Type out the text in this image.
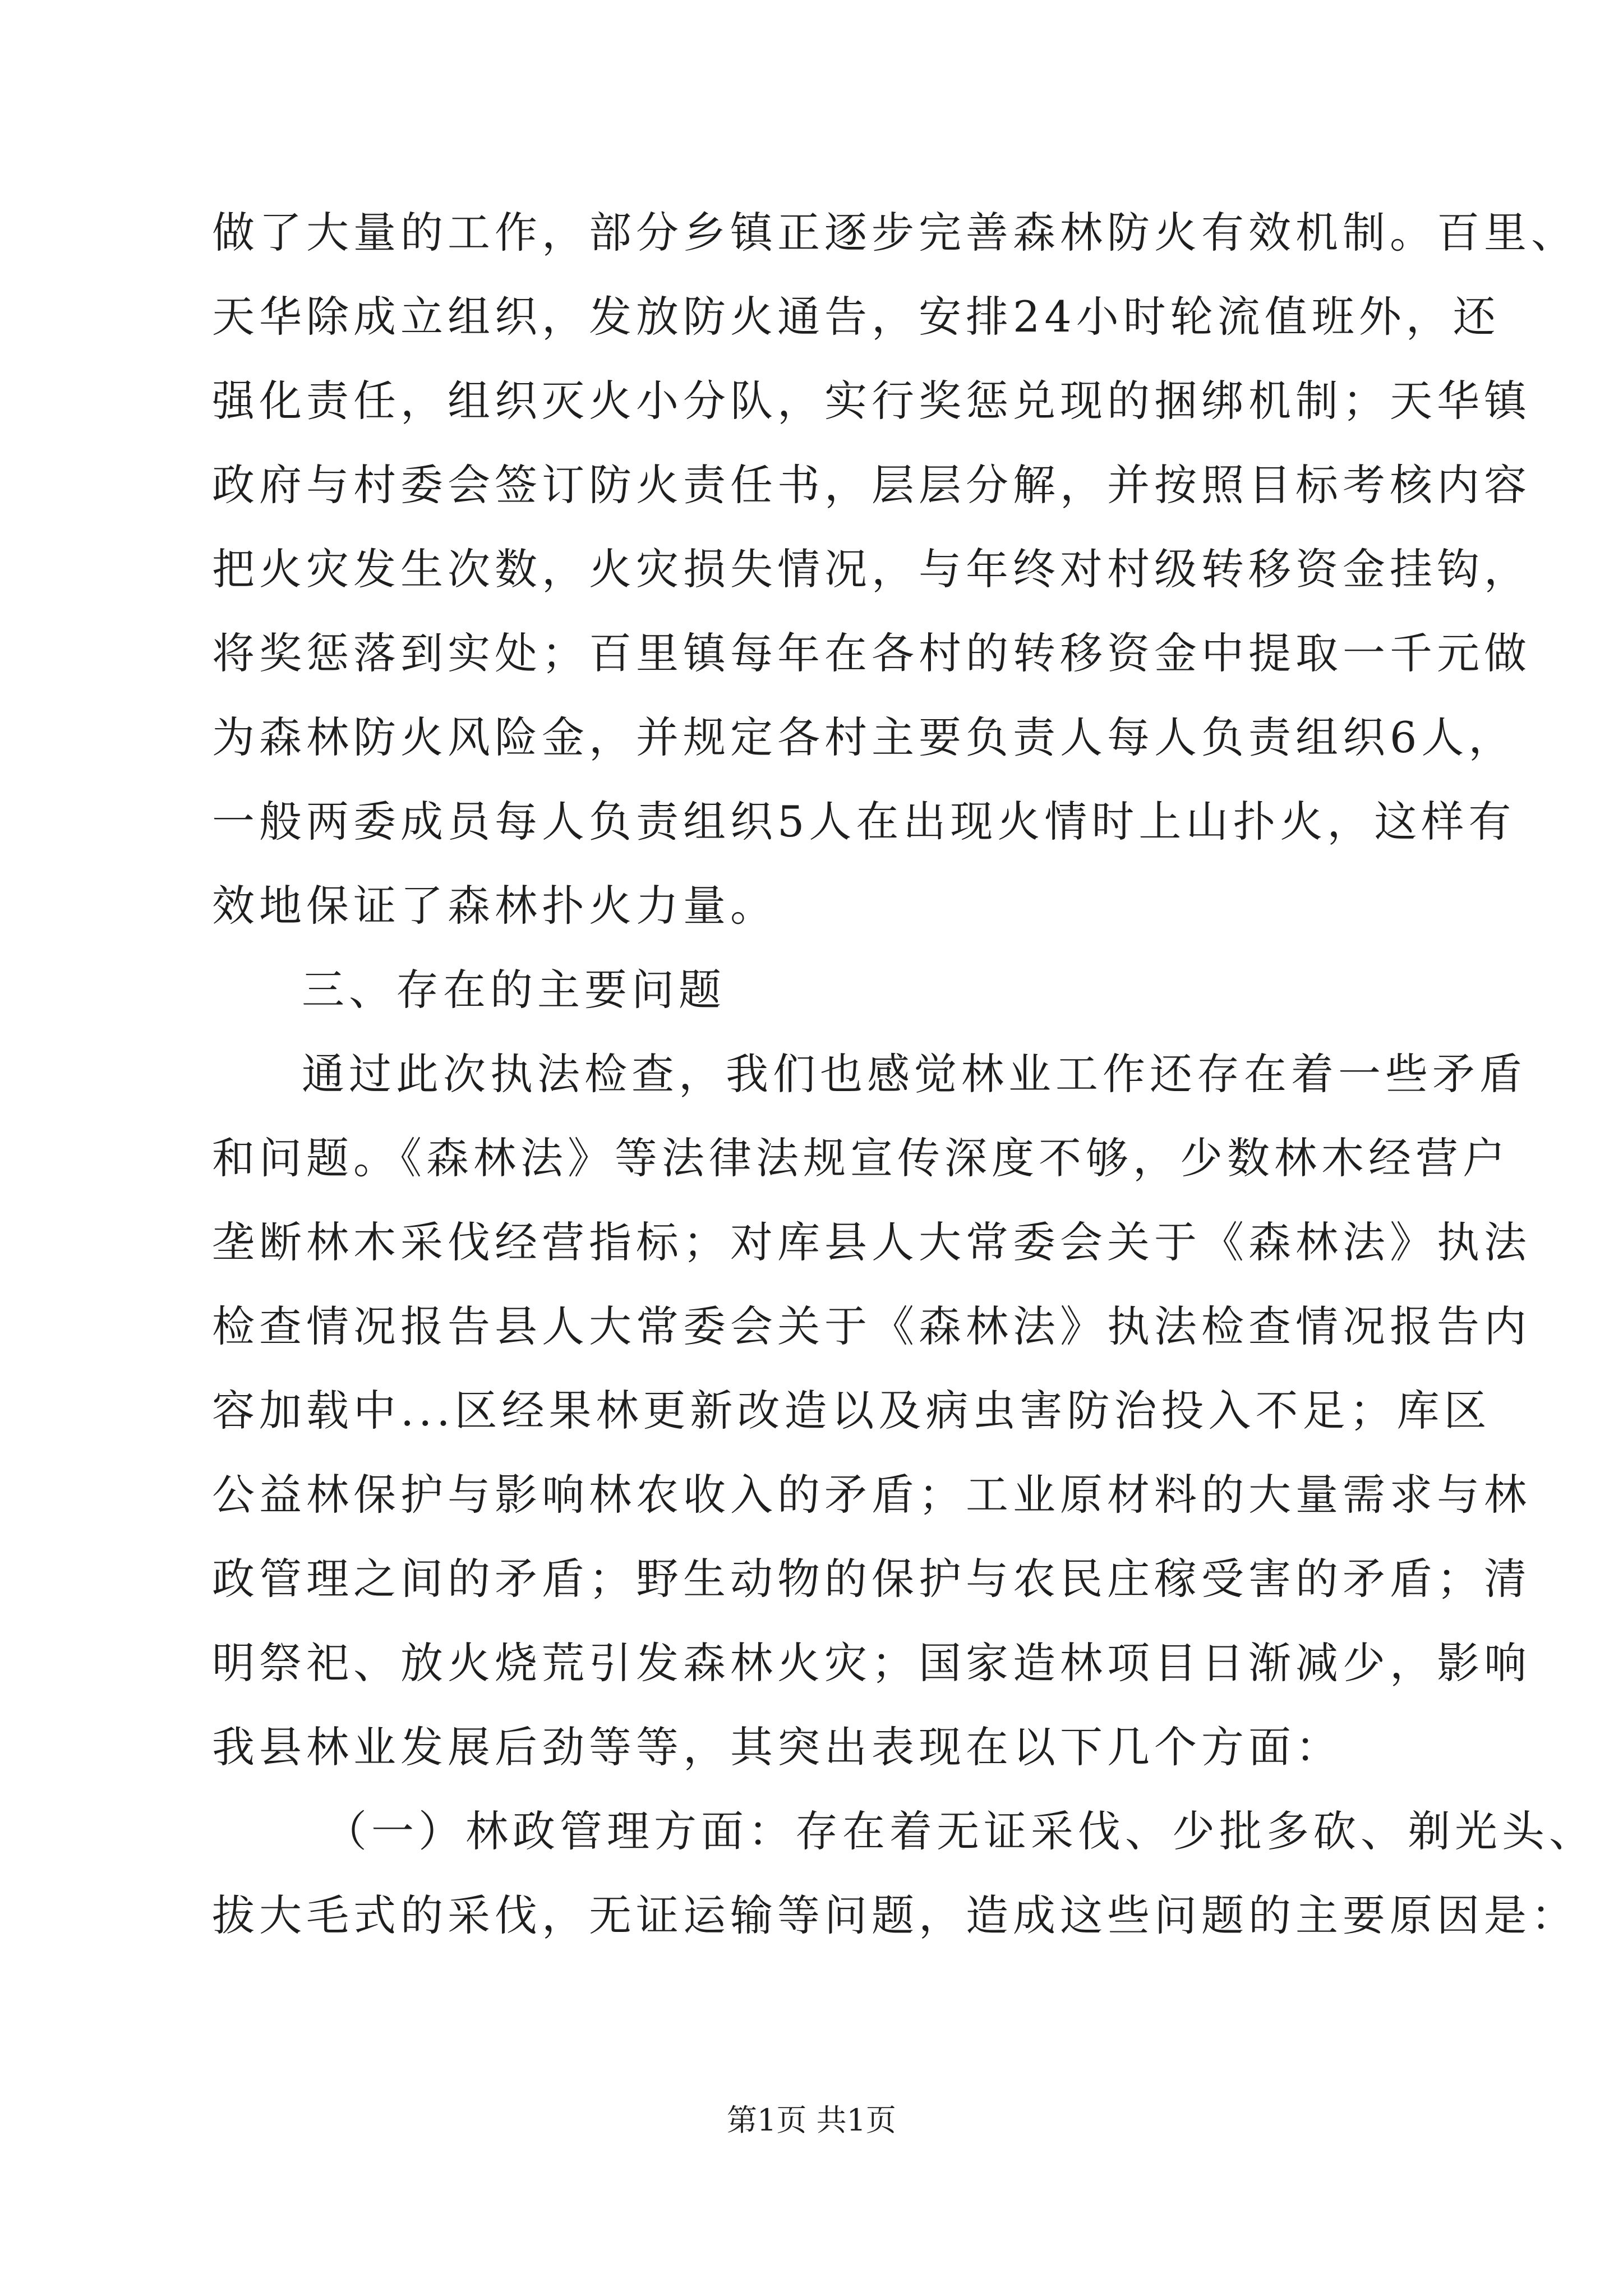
做了大量的工作，部分乡镇正逐步完善森林防火有效机制。百里、
天华除成立组织，发放防火通告，安排24小时轮流值班外，还
强化责任，组织灭火小分队，实行奖惩兑现的捆绑机制；天华镇
政府与村委会签订防火责任书，层层分解，并按照目标考核内容
把火灾发生次数，火灾损失情况，与年终对村级转移资金挂钩，
将奖惩落到实处；百里镇每年在各村的转移资金中提取一千元做
为森林防火风险金，并规定各村主要负责人每人负责组织6人，
一般两委成员每人负责组织5人在出现火情时上山扑火，这样有
效地保证了森林扑火力量。
三、存在的主要问题
通过此次执法检查，我们也感觉林业工作还存在着一些矛盾
和问题。《森林法》等法律法规宣传深度不够，少数林木经营户
垄断林木采伐经营指标；对库县人大常委会关于《森林法》执法
检查情况报告县人大常委会关于《森林法》执法检查情况报告内
容加载中...区经果林更新改造以及病虫害防治投入不足；库区
公益林保护与影响林农收入的矛盾；工业原材料的大量需求与林
政管理之间的矛盾；野生动物的保护与农民庄稼受害的矛盾；清
明祭祀、放火烧荒引发森林火灾；国家造林项目日渐减少，影响
我县林业发展后劲等等，其突出表现在以下几个方面：
（一）林政管理方面：存在着无证采伐、少批多砍、剃光头、
拔大毛式的采伐，无证运输等问题，造成这些问题的主要原因是：
第1页 共1页
